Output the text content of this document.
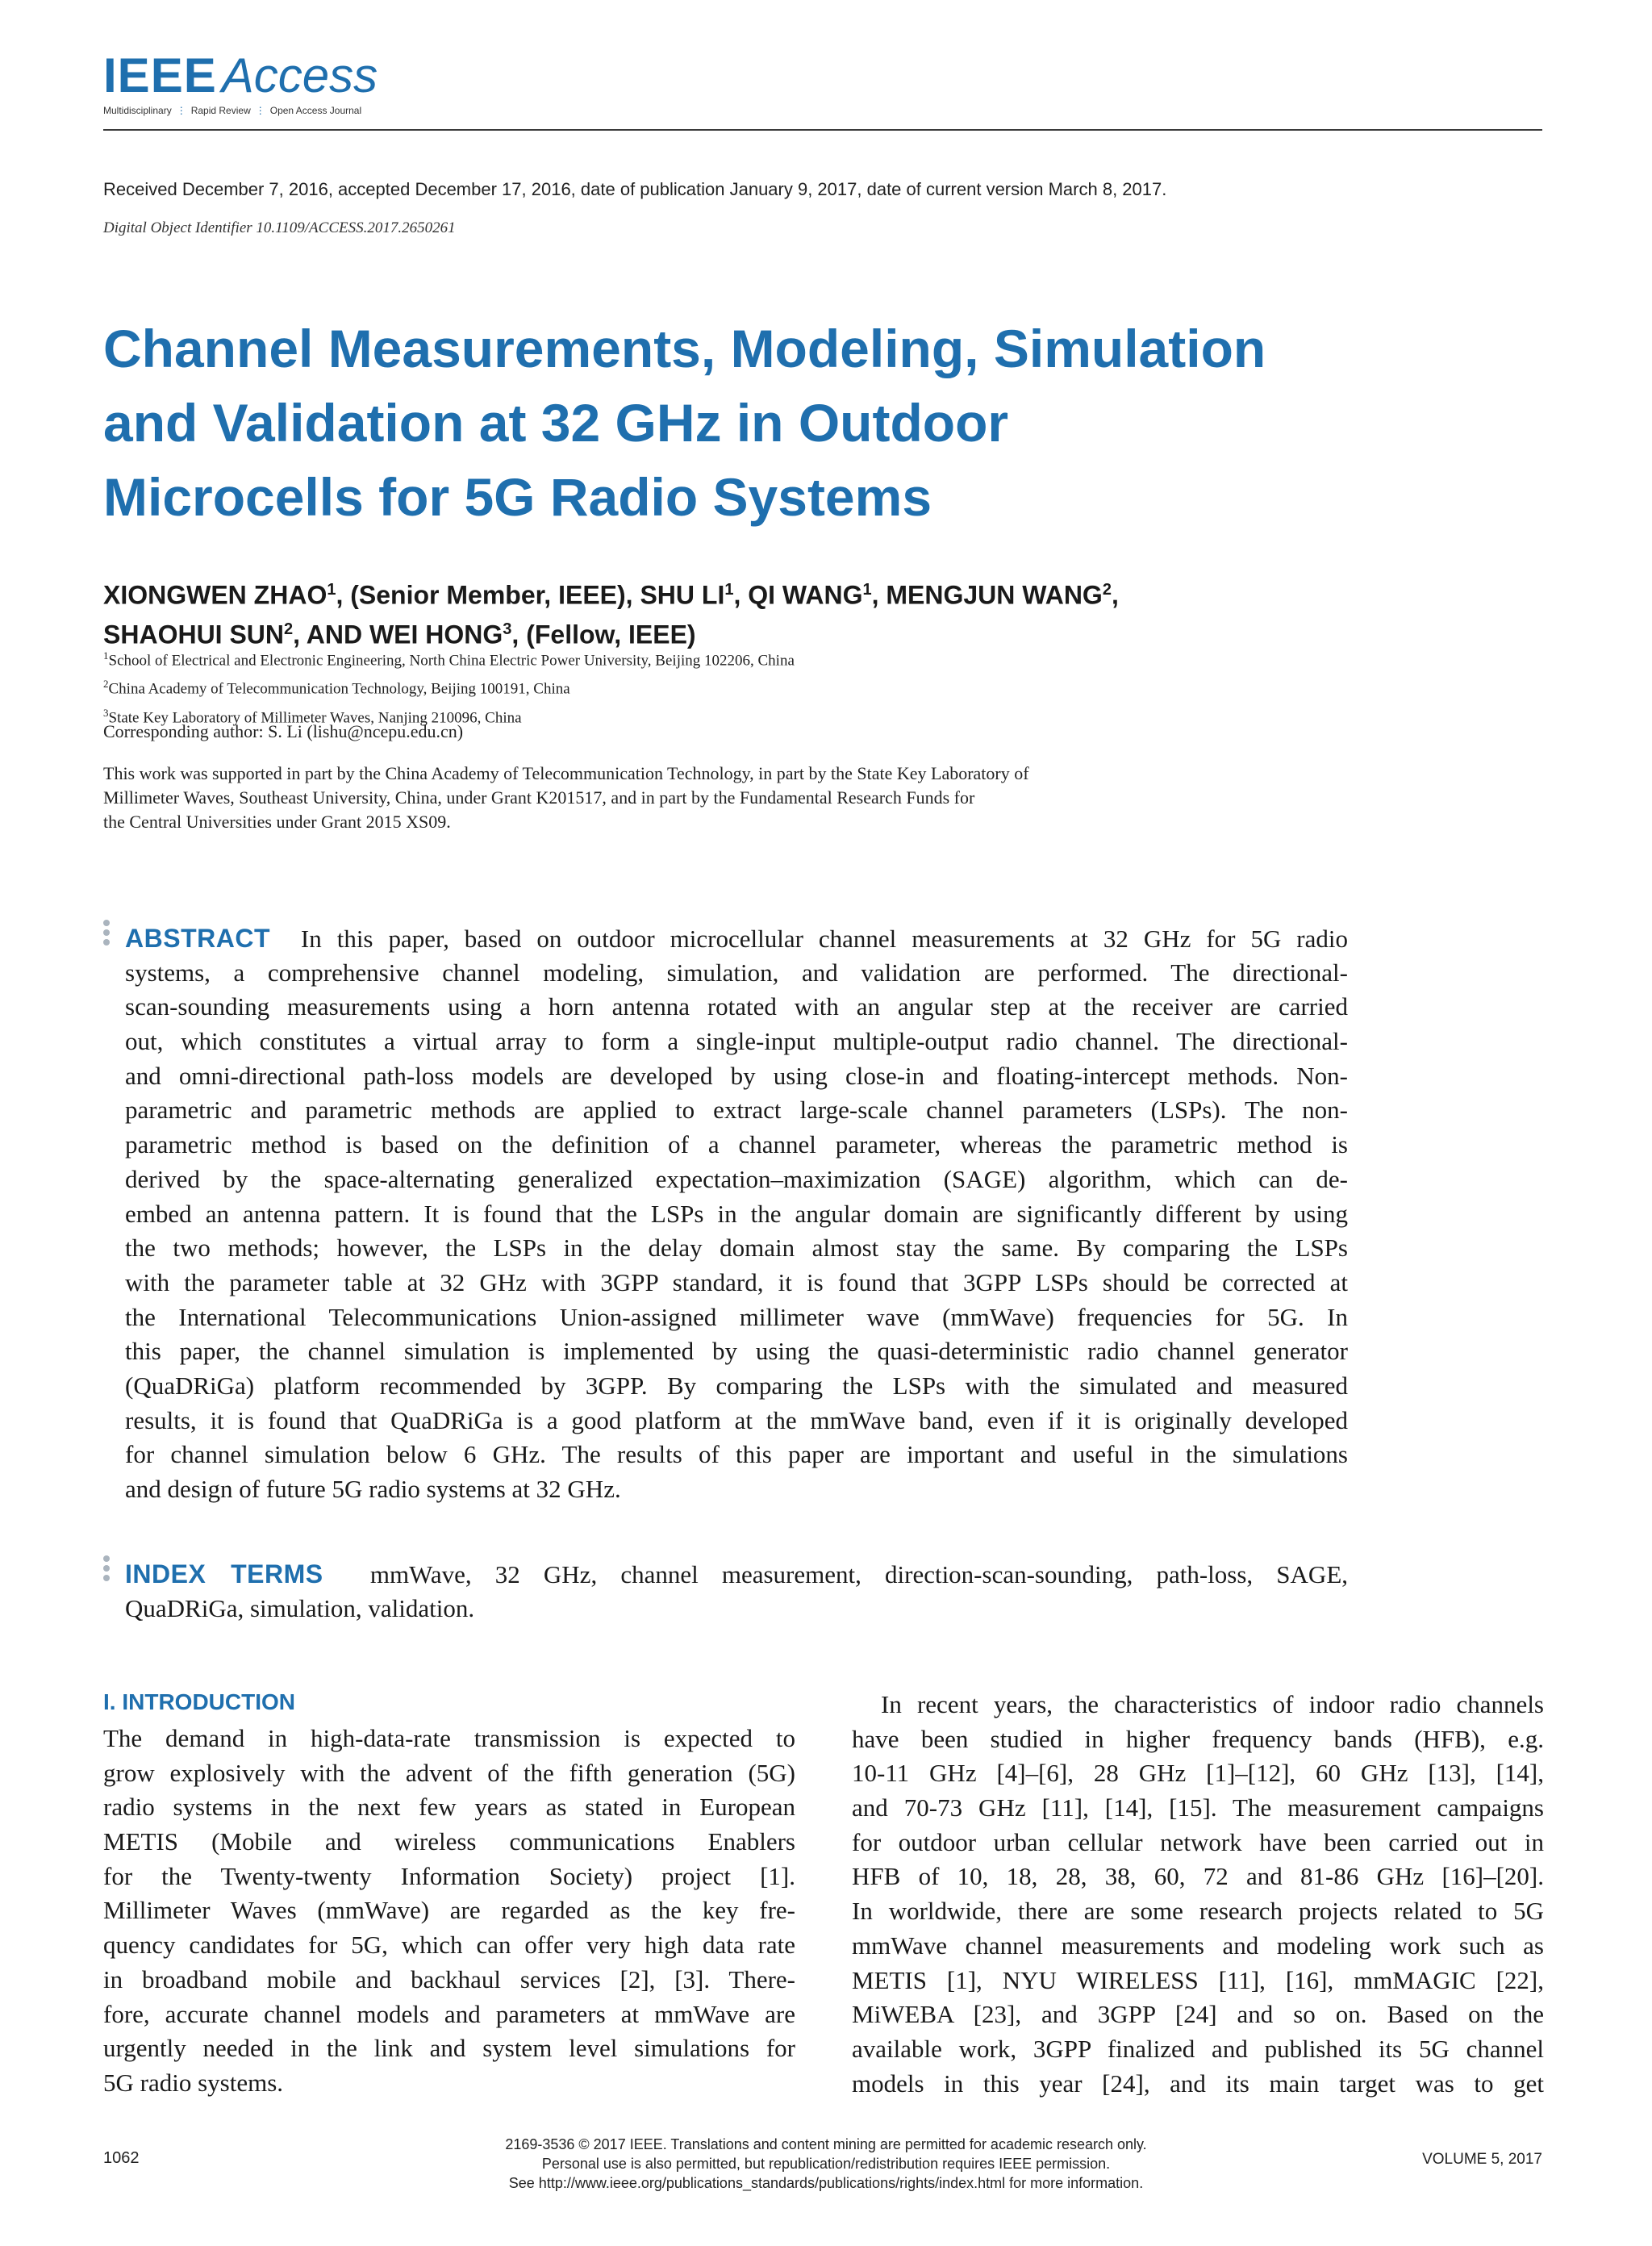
IEEE Access
Multidisciplinary ⋮ Rapid Review ⋮ Open Access Journal
Received December 7, 2016, accepted December 17, 2016, date of publication January 9, 2017, date of current version March 8, 2017.
Digital Object Identifier 10.1109/ACCESS.2017.2650261
Channel Measurements, Modeling, Simulation
and Validation at 32 GHz in Outdoor
Microcells for 5G Radio Systems
XIONGWEN ZHAO$^1$, (Senior Member, IEEE), SHU $LI^1$, QI WANG$^1$, MENGJUN WANG$^2$,
SHAOHUI SUN$^2$, AND WEI HONG$^3$, (Fellow, IEEE)
$^1$School of Electrical and Electronic Engineering, North China Electric Power University, Beijing 102206, China
$^2$China Academy of Telecommunication Technology, Beijing 100191, China
$^3$State Key Laboratory of Millimeter Waves, Nanjing 210096, China
Corresponding author: S. Li (lishu@ncepu.edu.cn)
This work was supported in part by the China Academy of Telecommunication Technology, in part by the State Key Laboratory of
Millimeter Waves, Southeast University, China, under Grant K201517, and in part by the Fundamental Research Funds for
the Central Universities under Grant 2015 XS09.
ABSTRACT In this paper, based on outdoor microcellular channel measurements at 32 GHz for 5G radio
systems, a comprehensive channel modeling, simulation, and validation are performed. The directional-
scan-sounding measurements using a horn antenna rotated with an angular step at the receiver are carried
out, which constitutes a virtual array to form a single-input multiple-output radio channel. The directional-
and omni-directional path-loss models are developed by using close-in and floating-intercept methods. Non-
parametric and parametric methods are applied to extract large-scale channel parameters (LSPs). The non-
parametric method is based on the definition of a channel parameter, whereas the parametric method is
derived by the space-alternating generalized expectation–maximization (SAGE) algorithm, which can de-
embed an antenna pattern. It is found that the LSPs in the angular domain are significantly different by using
the two methods; however, the LSPs in the delay domain almost stay the same. By comparing the LSPs
with the parameter table at 32 GHz with 3GPP standard, it is found that 3GPP LSPs should be corrected at
the International Telecommunications Union-assigned millimeter wave (mmWave) frequencies for 5G. In
this paper, the channel simulation is implemented by using the quasi-deterministic radio channel generator
(QuaDRiGa) platform recommended by 3GPP. By comparing the LSPs with the simulated and measured
results, it is found that QuaDRiGa is a good platform at the mmWave band, even if it is originally developed
for channel simulation below 6 GHz. The results of this paper are important and useful in the simulations
and design of future 5G radio systems at 32 GHz.
INDEX TERMS mmWave, 32 GHz, channel measurement, direction-scan-sounding, path-loss, SAGE,
QuaDRiGa, simulation, validation.
I. INTRODUCTION
The demand in high-data-rate transmission is expected to
grow explosively with the advent of the fifth generation (5G)
radio systems in the next few years as stated in European
METIS (Mobile and wireless communications Enablers
for the Twenty-twenty Information Society) project [1].
Millimeter Waves (mmWave) are regarded as the key fre-
quency candidates for 5G, which can offer very high data rate
in broadband mobile and backhaul services [2], [3]. There-
fore, accurate channel models and parameters at mmWave are
urgently needed in the link and system level simulations for
5G radio systems.
In recent years, the characteristics of indoor radio channels
have been studied in higher frequency bands (HFB), e.g.
10-11 GHz [4]–[6], 28 GHz [1]–[12], 60 GHz [13], [14],
and 70-73 GHz [11], [14], [15]. The measurement campaigns
for outdoor urban cellular network have been carried out in
HFB of 10, 18, 28, 38, 60, 72 and 81-86 GHz [16]–[20].
In worldwide, there are some research projects related to 5G
mmWave channel measurements and modeling work such as
METIS [1], NYU WIRELESS [11], [16], mmMAGIC [22],
MiWEBA [23], and 3GPP [24] and so on. Based on the
available work, 3GPP finalized and published its 5G channel
models in this year [24], and its main target was to get
1062
2169-3536 © 2017 IEEE. Translations and content mining are permitted for academic research only.
Personal use is also permitted, but republication/redistribution requires IEEE permission.
See http://www.ieee.org/publications_standards/publications/rights/index.html for more information.
VOLUME 5, 2017
